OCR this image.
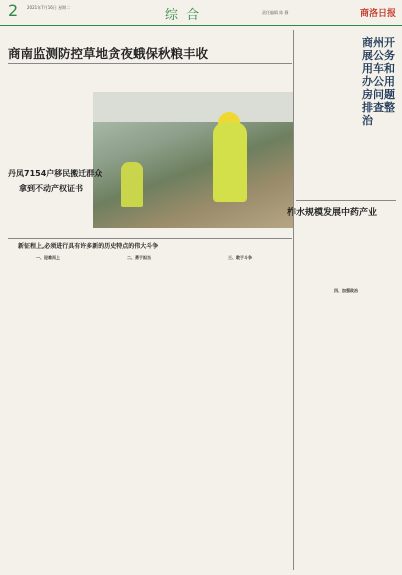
2 2021年7月16日 星期二
综 合	责任编辑 陈 静	商洛日报
商南监测防控草地贪夜蛾保秋粮丰收
商州开展公务用车和办公用房问题排查整治

丹凤7154户移民搬迁群众
拿到不动产权证书

新征程上,必须进行具有许多新的历史特点的伟大斗争
柞水规模发展中药产业

一、迎难而上	二、勇于担当	三、敢于斗争
四、加强政治
